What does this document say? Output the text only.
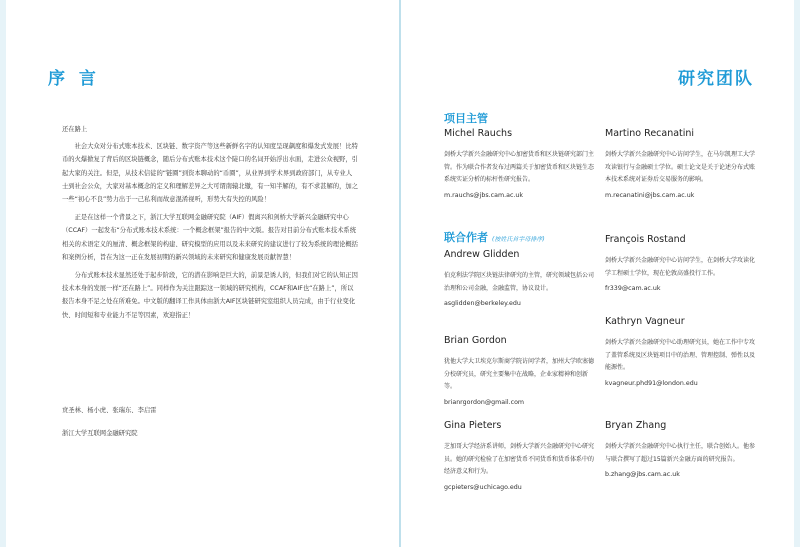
序 言

还在路上

社会大众对分布式账本技术、区块链、数字资产等这些新鲜名字的认知度呈现飙度和爆发式发展！比特币的火爆掀复了背后的区块链概念，随后分布式账本技术这个陡口的名词开始浮出水面，走进公众视野，引起大家的关注。但是，从技术信徒的“链圈”到资本聊动的“币圈”，从业界到学术界到政府部门，从专业人士到社会公众，大家对基本概念的定义和理解差异之大可谓南辕北辙，有一知半解的，有不求甚解的，加之一些“初心不良”势力出于一己私利而故意混淆视听，形势大有失控的风险！

正是在这样一个背景之下，浙江大学互联网金融研究院（AIF）假离兴和剑桥大学新兴金融研究中心（CCAF）一起发布“分布式账本技术系统：一个概念框架”报告的中文版。报告对目前分布式账本技术系统相关的术语定义的厘清、概念框架的构建、研究模型的应用以及未来研究的建议进行了较为系统的理论概括和案例分析，旨在为这一正在发展初期的新兴领域的未来研究和健康发展贡献智慧！

分布式账本技术显然还处于起步阶段，它的潜在影响是巨大的，前景是诱人的，但我们对它的认知正因技术本身的发展一样“还在路上”。同样作为关注跟踪这一领域的研究机构，CCAF和AIF也“在路上”，所以报告本身不足之处在所难免。中文版的翻译工作具体由浙大AIF区块链研究室组织人员完成，由于行业变化快、时间短和专业能力不足等因素，欢迎指正！

贲圣林、杨小虎、张瑞东、李启雷
浙江大学互联网金融研究院
研究团队
项目主管
联合作者 (按姓氏首字母排序)
Michel Rauchs
剑桥大学新兴金融研究中心加密货币和区块链研究部门主管。作为联合作者发布过两篇关于加密货币和区块链生态系统实证分析的标杆性研究报告。
m.rauchs@jbs.cam.ac.uk
Andrew Glidden
伯克利法学院区块链法律研究的主管，研究领域包括公司治理和公司金融，金融监管，协议设计。
asglidden@berkeley.edu
Brian Gordon
犹他大学大卫埃克尔斯商学院访问学者，加州大学欧塞德分校研究员，研究主要集中在战略，企业家精神和创新等。
brianrgordon@gmail.com
Gina Pieters
芝加哥大学经济系讲师，剑桥大学新兴金融研究中心研究员。她的研究检验了在加密货币不同货币和货币体系中的经济意义和行为。
gcpieters@uchicago.edu
Martino Recanatini
剑桥大学新兴金融研究中心访问学生，在马尔凯理工大学攻读银行与金融硕士学位。硕士论文是关于论述分布式账本技术系统对证券后交易服务的影响。
m.recanatini@jbs.cam.ac.uk
François Rostand
剑桥大学新兴金融研究中心访问学生，在剑桥大学攻读化学工程硕士学位，现在伦敦高盛投行工作。
fr339@cam.ac.uk
Kathryn Vagneur
剑桥大学新兴金融研究中心助理研究员，她在工作中专攻了盖管系统及区块链项目中的治理、管理控制、弹性以及能源性。
kvagneur.phd91@london.edu
Bryan Zhang
剑桥大学新兴金融研究中心执行主任，联合创始人。他参与联合撰写了超过15篇新兴金融方面的研究报告。
b.zhang@jbs.cam.ac.uk
